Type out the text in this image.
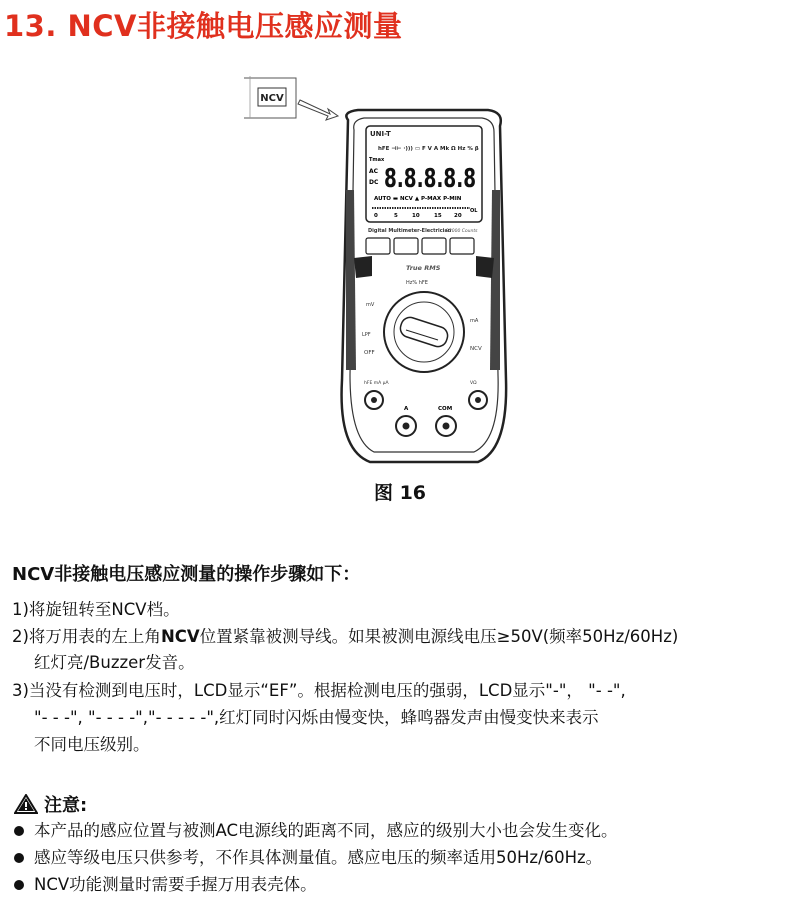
13. NCV非接触电压感应测量
NCV
UNI-T
hFE ⊣⊢ ·))) ▭ F V A Mk Ω Hz % β
Tmax
AC
DC 8.8.8.8.8
AUTO ▬ NCV ▲ P-MAX P-MIN
0	5	10	15 20
OL
Digital Multimeter-Electrician
22000 Counts
True RMS
Hz% hFE
mV
mA
NCV
LPF
OFF
hFE mA μA	VΩ
A	COM
图 16
NCV非接触电压感应测量的操作步骤如下：
1)将旋钮转至NCV档。
2)将万用表的左上角NCV位置紧靠被测导线。如果被测电源线电压≥50V(频率50Hz/60Hz)
红灯亮/Buzzer发音。
3)当没有检测到电压时，LCD显示“EF”。根据检测电压的强弱，LCD显示"-"， "- -",
"- - -", "- - - -","- - - - -",红灯同时闪烁由慢变快，蜂鸣器发声由慢变快来表示
不同电压级别。
注意:
本产品的感应位置与被测AC电源线的距离不同，感应的级别大小也会发生变化。
感应等级电压只供参考，不作具体测量值。感应电压的频率适用50Hz/60Hz。
NCV功能测量时需要手握万用表壳体。
